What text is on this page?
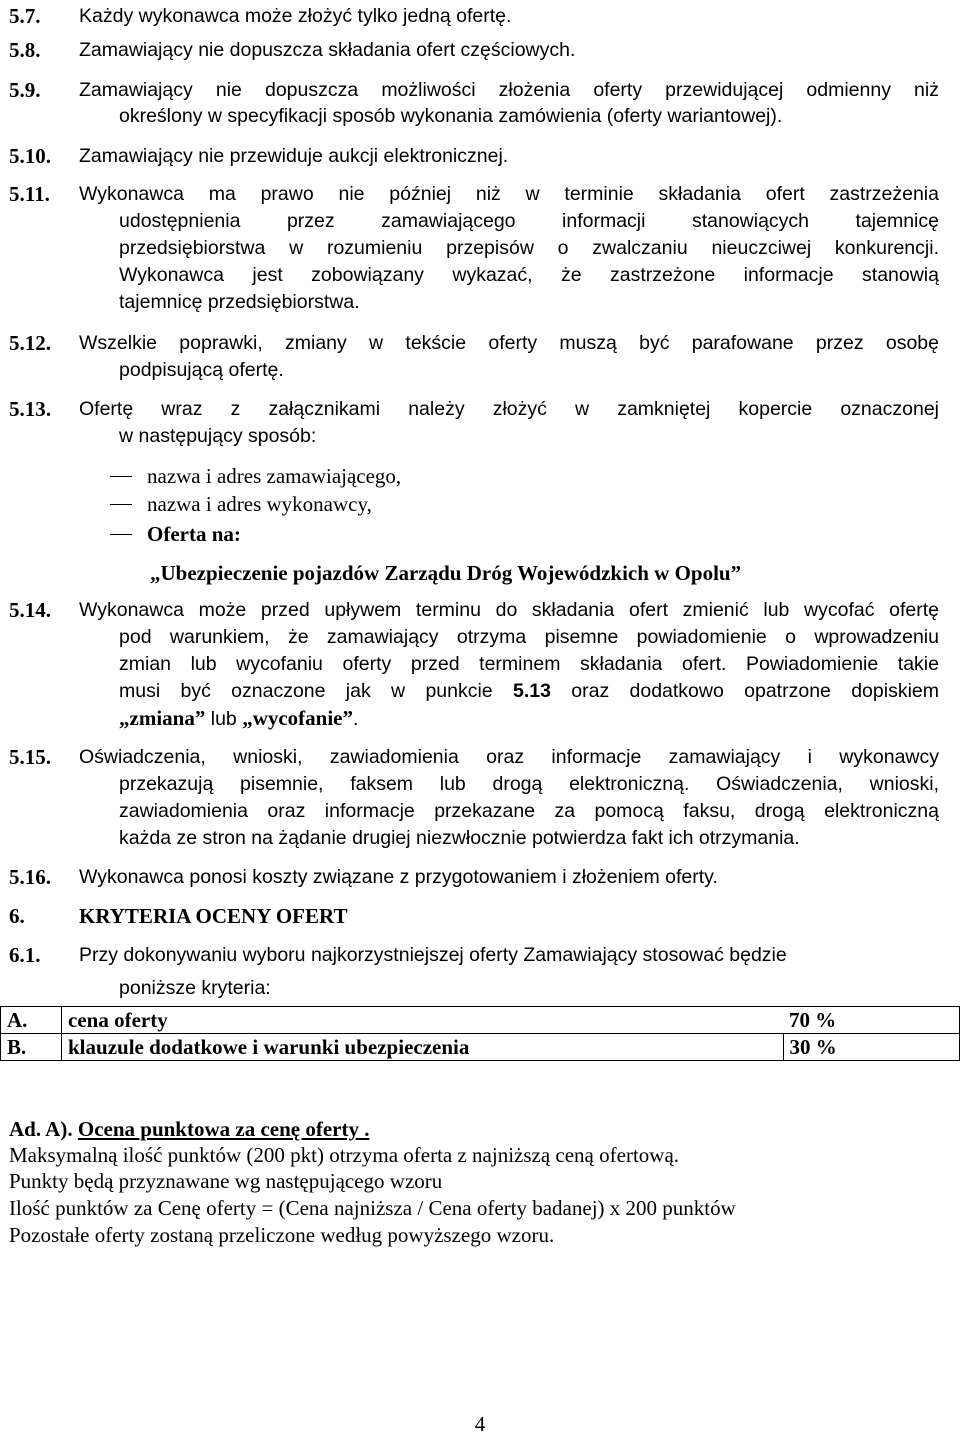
5.7. Każdy wykonawca może złożyć tylko jedną ofertę.
5.8. Zamawiający nie dopuszcza składania ofert częściowych.
5.9. Zamawiający nie dopuszcza możliwości złożenia oferty przewidującej odmienny niż
określony w specyfikacji sposób wykonania zamówienia (oferty wariantowej).
5.10. Zamawiający nie przewiduje aukcji elektronicznej.
5.11. Wykonawca ma prawo nie później niż w terminie składania ofert zastrzeżenia
udostępnienia przez zamawiającego informacji stanowiących tajemnicę
przedsiębiorstwa w rozumieniu przepisów o zwalczaniu nieuczciwej konkurencji.
Wykonawca jest zobowiązany wykazać, że zastrzeżone informacje stanowią
tajemnicę przedsiębiorstwa.
5.12. Wszelkie poprawki, zmiany w tekście oferty muszą być parafowane przez osobę
podpisującą ofertę.
5.13. Ofertę wraz z załącznikami należy złożyć w zamkniętej kopercie oznaczonej
w następujący sposób:
nazwa i adres zamawiającego,
nazwa i adres wykonawcy,
Oferta na:
„Ubezpieczenie pojazdów Zarządu Dróg Wojewódzkich w Opolu”
5.14. Wykonawca może przed upływem terminu do składania ofert zmienić lub wycofać ofertę
pod warunkiem, że zamawiający otrzyma pisemne powiadomienie o wprowadzeniu
zmian lub wycofaniu oferty przed terminem składania ofert. Powiadomienie takie
musi być oznaczone jak w punkcie 5.13 oraz dodatkowo opatrzone dopiskiem
„zmiana” lub „wycofanie”.
5.15. Oświadczenia, wnioski, zawiadomienia oraz informacje zamawiający i wykonawcy
przekazują pisemnie, faksem lub drogą elektroniczną. Oświadczenia, wnioski,
zawiadomienia oraz informacje przekazane za pomocą faksu, drogą elektroniczną
każda ze stron na żądanie drugiej niezwłocznie potwierdza fakt ich otrzymania.
5.16. Wykonawca ponosi koszty związane z przygotowaniem i złożeniem oferty.
6.	KRYTERIA OCENY OFERT
6.1. Przy dokonywaniu wyboru najkorzystniejszej oferty Zamawiający stosować będzie
poniższe kryteria:
A.	cena oferty	70 %
B.	klauzule dodatkowe i warunki ubezpieczenia	30 %
Ad. A). Ocena punktowa za cenę oferty .
Maksymalną ilość punktów (200 pkt) otrzyma oferta z najniższą ceną ofertową.
Punkty będą przyznawane wg następującego wzoru
Ilość punktów za Cenę oferty = (Cena najniższa / Cena oferty badanej) x 200 punktów
Pozostałe oferty zostaną przeliczone według powyższego wzoru.
4
